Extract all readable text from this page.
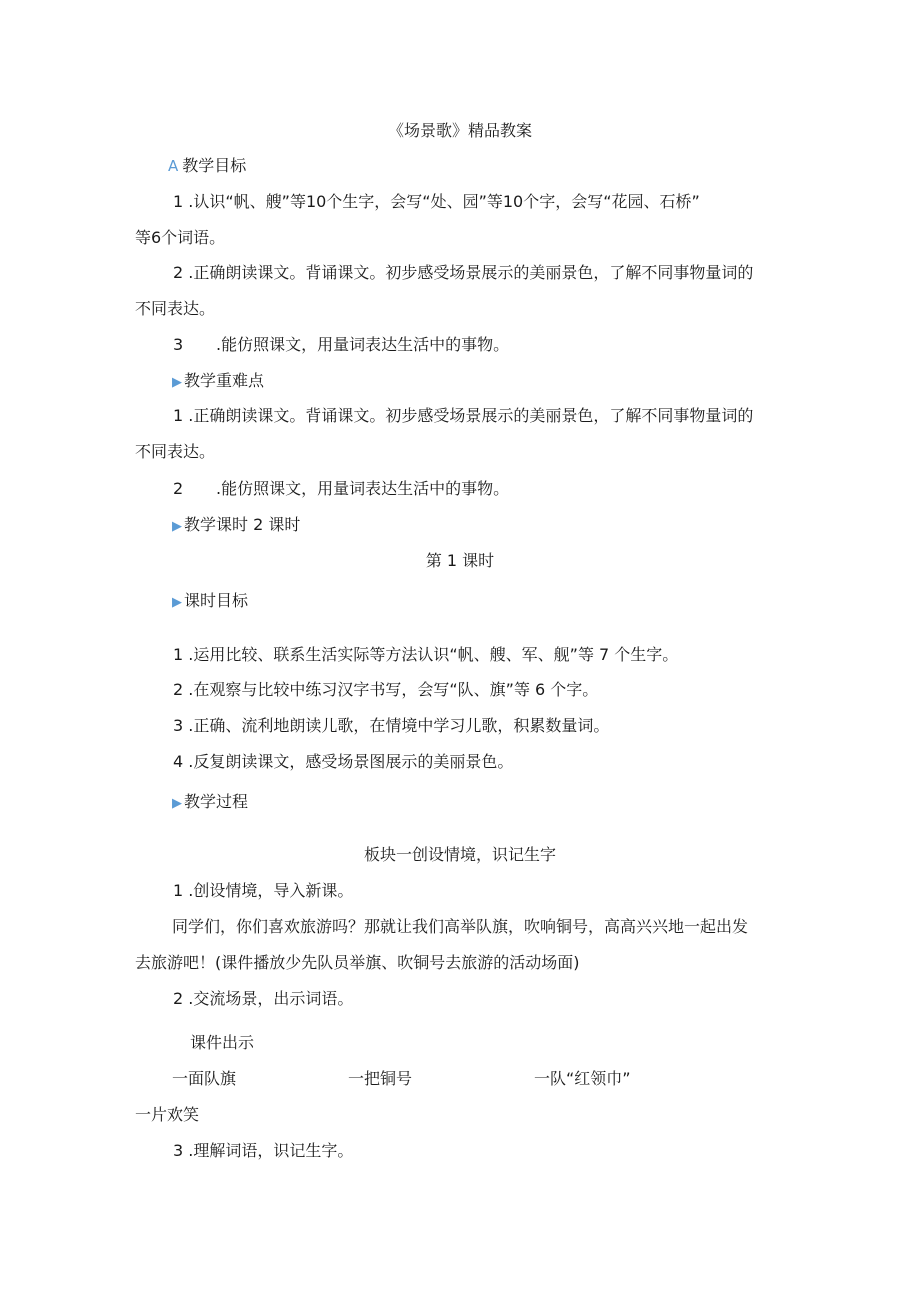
《场景歌》精品教案
A 教学目标
1 .认识“帆、艘”等10个生字，会写“处、园”等10个字，会写“花园、石桥”
等6个词语。
2 .正确朗读课文。背诵课文。初步感受场景展示的美丽景色，了解不同事物量词的
不同表达。
3 .能仿照课文，用量词表达生活中的事物。
▶ 教学重难点
1 .正确朗读课文。背诵课文。初步感受场景展示的美丽景色，了解不同事物量词的
不同表达。
2 .能仿照课文，用量词表达生活中的事物。
▶ 教学课时 2 课时
第 1 课时
▶ 课时目标
1 .运用比较、联系生活实际等方法认识“帆、艘、军、舰”等 7 个生字。
2 .在观察与比较中练习汉字书写，会写“队、旗”等 6 个字。
3 .正确、流利地朗读儿歌，在情境中学习儿歌，积累数量词。
4 .反复朗读课文，感受场景图展示的美丽景色。
▶ 教学过程
板块一创设情境，识记生字
1 .创设情境，导入新课。
同学们，你们喜欢旅游吗？那就让我们高举队旗，吹响铜号，高高兴兴地一起出发
去旅游吧！(课件播放少先队员举旗、吹铜号去旅游的活动场面)
2 .交流场景，出示词语。
课件出示
一面队旗	一把铜号	一队“红领巾”
一片欢笑
3 .理解词语，识记生字。
